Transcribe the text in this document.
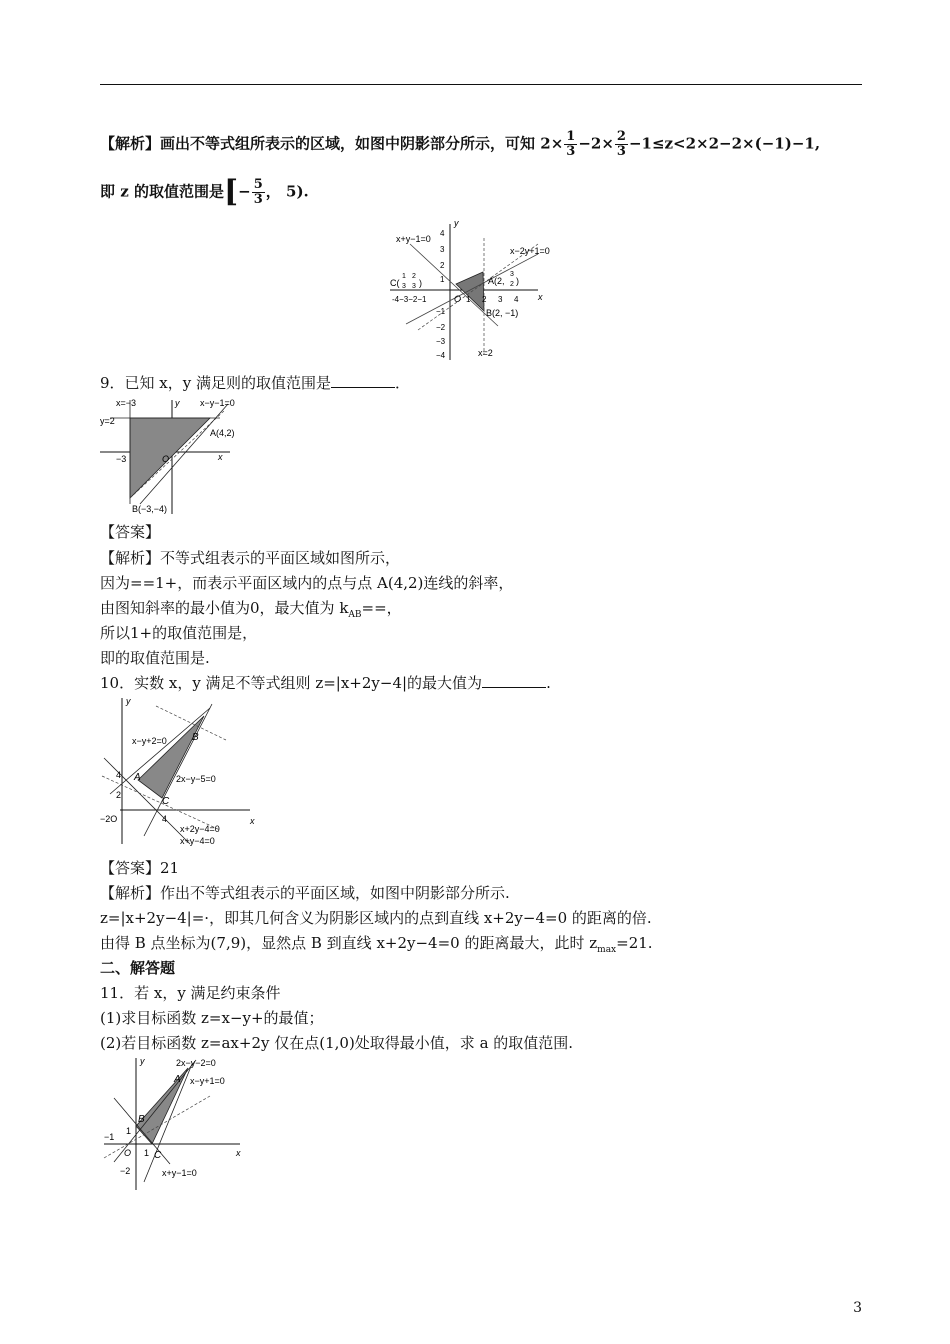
【解析】画出不等式组所表示的区域，如图中阴影部分所示，可知 $2\times \frac{1}{3} -2\times \frac{2}{3} -1\le z<2\times 2-2\times(-1)-1$,
即 z 的取值范围是[− $\frac{5}{3}$ ， 5).
x+y−1=0
x−2y+1=0
x=2
C(
1
3
2
3 )	A(2,
3
2 )
B(2, −1)
y
x
O
4
3
2
1
−1
−2
−3
−4
-4−3−2−1	1 2 3 4
9．已知 x，y 满足则的取值范围是	．
x=−3
y=2
x−y−1=0
A(4,2)
B(−3,−4)
−3	O	x
y
【答案】
【解析】不等式组表示的平面区域如图所示，
因为==1+，而表示平面区域内的点与点 A(4,2)连线的斜率，
由图知斜率的最小值为0，最大值为 $k_{AB}==$，
所以1+的取值范围是，
即的取值范围是.
10．实数 x，y 满足不等式组则 z=|x+2y−4|的最大值为	.
y
x
x−y+2=0
2x−y−5=0
x+2y−4=0
x+y−4=0
A
B
C
4
2
−2O	4
【答案】21
【解析】作出不等式组表示的平面区域，如图中阴影部分所示.
z=|x+2y−4|=·，即其几何含义为阴影区域内的点到直线 x+2y−4=0 的距离的倍.
由得 B 点坐标为(7,9)，显然点 B 到直线 x+2y−4=0 的距离最大，此时 $z_{max}=21$.
二、解答题
11．若 x，y 满足约束条件
(1)求目标函数 z=x−y+的最值；
(2)若目标函数 z=ax+2y 仅在点(1,0)处取得最小值，求 a 的取值范围.
y
x
2x−y−2=0
x−y+1=0
x+y−1=0
A
B
C
−1
1
O 1
−2
3
